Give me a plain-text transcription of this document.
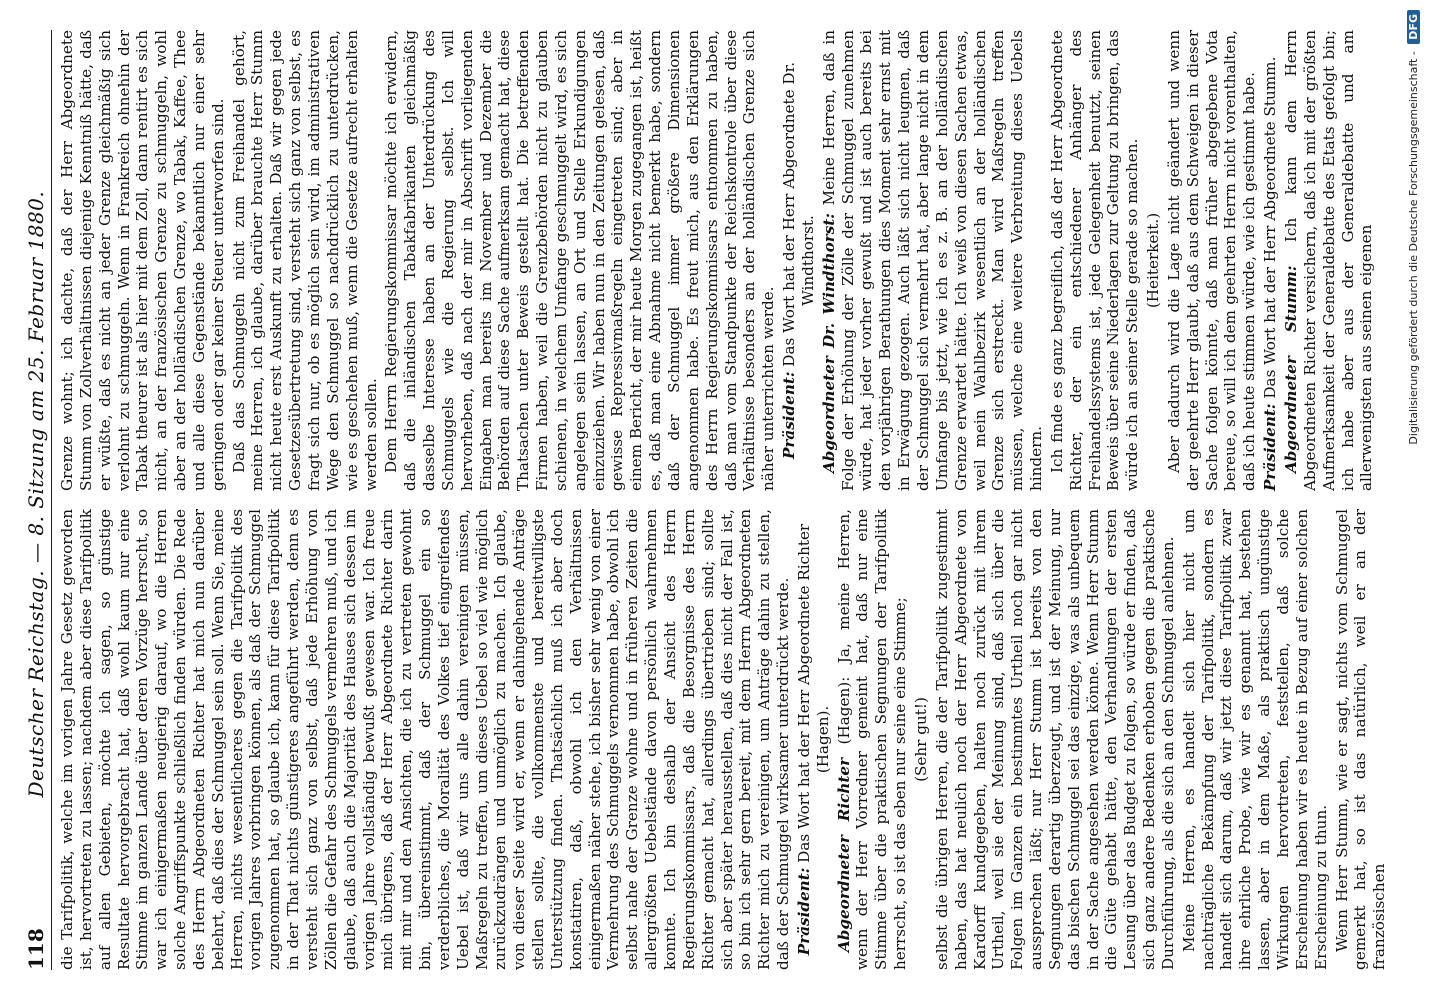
118
Deutscher Reichstag. — 8. Sitzung am 25. Februar 1880. die Tarifpolitik, welche im vorigen Jahre Gesetz geworden ist, hervortreten zu lassen; nachdem aber diese Tarifpolitik auf allen Gebieten, möchte ich sagen, so günstige Resultate hervorgebracht hat, daß wohl kaum nur eine Stimme im ganzen Lande über deren Vorzüge herrscht, so war ich einigermaßen neugierig darauf, wo die Herren solche Angriffspunkte schließlich finden würden. Die Rede des Herrn Abgeordneten Richter hat mich nun darüber belehrt, daß dies der Schmuggel sein soll. Wenn Sie, meine Herren, nichts wesentlicheres gegen die Tarifpolitik des vorigen Jahres vorbringen können, als daß der Schmuggel zugenommen hat, so glaube ich, kann für diese Tarifpolitik in der That nichts günstigeres angeführt werden, denn es versteht sich ganz von selbst, daß jede Erhöhung von Zöllen die Gefahr des Schmuggels vermehren muß, und ich glaube, daß auch die Majorität des Hauses sich dessen im vorigen Jahre vollständig bewußt gewesen war. Ich freue mich übrigens, daß der Herr Abgeordnete Richter darin mit mir und den Ansichten, die ich zu vertreten gewohnt bin, übereinstimmt, daß der Schmuggel ein so verderbliches, die Moralität des Volkes tief eingreifendes Uebel ist, daß wir uns alle dahin vereinigen müssen, Maßregeln zu treffen, um dieses Uebel so viel wie möglich zurückzudrängen und unmöglich zu machen. Ich glaube, von dieser Seite wird er, wenn er dahingehende Anträge stellen sollte, die vollkommenste und bereitwilligste Unterstützung finden. Thatsächlich muß ich aber doch konstatiren, daß, obwohl ich den Verhältnissen einigermaßen näher stehe, ich bisher sehr wenig von einer Vermehrung des Schmuggels vernommen habe, obwohl ich selbst nahe der Grenze wohne und in früheren Zeiten die allergrößten Uebelstände davon persönlich wahrnehmen konnte. Ich bin deshalb der Ansicht des Herrn Regierungskommissars, daß die Besorgnisse des Herrn Richter gemacht hat, allerdings übertrieben sind; sollte sich aber später herausstellen, daß dies nicht der Fall ist, so bin ich sehr gern bereit, mit dem Herrn Abgeordneten Richter mich zu vereinigen, um Anträge dahin zu stellen, daß der Schmuggel wirksamer unterdrückt werde. Präsident: Das Wort hat der Herr Abgeordnete Richter (Hagen).

Abgeordneter Richter (Hagen): Ja, meine Herren, wenn der Herr Vorredner gemeint hat, daß nur eine Stimme über die praktischen Segnungen der Tarifpolitik herrscht, so ist das eben nur seine eine Stimme; (Sehr gut!) selbst die übrigen Herren, die der Tarifpolitik zugestimmt haben, das hat neulich noch der Herr Abgeordnete von Kardorff kundgegeben, halten noch zurück mit ihrem Urtheil, weil sie der Meinung sind, daß sich über die Folgen im Ganzen ein bestimmtes Urtheil noch gar nicht aussprechen läßt; nur Herr Stumm ist bereits von den Segnungen derartig überzeugt, und ist der Meinung, nur das bischen Schmuggel sei das einzige, was als unbequem in der Sache angesehen werden könne. Wenn Herr Stumm die Güte gehabt hätte, den Verhandlungen der ersten Lesung über das Budget zu folgen, so würde er finden, daß sich ganz andere Bedenken erhoben gegen die praktische Durchführung, als die sich an den Schmuggel anlehnen. Meine Herren, es handelt sich hier nicht um nachträgliche Bekämpfung der Tarifpolitik, sondern es handelt sich darum, daß wir jetzt diese Tarifpolitik zwar ihre ehrliche Probe, wie wir es genannt hat, bestehen lassen, aber in dem Maße, als praktisch ungünstige Wirkungen hervortreten, feststellen, daß solche Erscheinung haben wir es heute in Bezug auf einer solchen Erscheinung zu thun. Wenn Herr Stumm, wie er sagt, nichts vom Schmuggel gemerkt hat, so ist das natürlich, weil er an der französischen

Grenze wohnt; ich dachte, daß der Herr Abgeordnete Stumm von Zollverhältnissen diejenige Kenntniß hätte, daß er wüßte, daß es nicht an jeder Grenze gleichmäßig sich verlohnt zu schmuggeln. Wenn in Frankreich ohnehin der Tabak theurer ist als hier mit dem Zoll, dann rentirt es sich nicht, an der französischen Grenze zu schmuggeln, wohl aber an der holländischen Grenze, wo Tabak, Kaffee, Thee und alle diese Gegenstände bekanntlich nur einer sehr geringen oder gar keiner Steuer unterworfen sind. Daß das Schmuggeln nicht zum Freihandel gehört, meine Herren, ich glaube, darüber brauchte Herr Stumm nicht heute erst Auskunft zu erhalten. Daß wir gegen jede Gesetzesübertretung sind, versteht sich ganz von selbst, es fragt sich nur, ob es möglich sein wird, im administrativen Wege den Schmuggel so nachdrücklich zu unterdrücken, wie es geschehen muß, wenn die Gesetze aufrecht erhalten werden sollen. Dem Herrn Regierungskommissar möchte ich erwidern, daß die inländischen Tabakfabrikanten gleichmäßig dasselbe Interesse haben an der Unterdrückung des Schmuggels wie die Regierung selbst. Ich will hervorheben, daß nach der mir in Abschrift vorliegenden Eingaben man bereits im November und Dezember die Behörden auf diese Sache aufmerksam gemacht hat, diese Thatsachen unter Beweis gestellt hat. Die betreffenden Firmen haben, weil die Grenzbehörden nicht zu glauben schienen, in welchem Umfange geschmuggelt wird, es sich angelegen sein lassen, an Ort und Stelle Erkundigungen einzuziehen. Wir haben nun in den Zeitungen gelesen, daß gewisse Repressivmaßregeln eingetreten sind; aber in einem Bericht, der mir heute Morgen zugegangen ist, heißt es, daß man eine Abnahme nicht bemerkt habe, sondern daß der Schmuggel immer größere Dimensionen angenommen habe. Es freut mich, aus den Erklärungen des Herrn Regierungskommissars entnommen zu haben, daß man vom Standpunkte der Reichskontrole über diese Verhältnisse besonders an der holländischen Grenze sich näher unterrichten werde. Präsident: Das Wort hat der Herr Abgeordnete Dr. Windthorst. Abgeordneter Dr. Windthorst: Meine Herren, daß in Folge der Erhöhung der Zölle der Schmuggel zunehmen würde, hat jeder vorher gewußt und ist auch bereits bei den vorjährigen Berathungen dies Moment sehr ernst mit in Erwägung gezogen. Auch läßt sich nicht leugnen, daß der Schmuggel sich vermehrt hat, aber lange nicht in dem Umfange bis jetzt, wie ich es z. B. an der holländischen Grenze erwartet hätte. Ich weiß von diesen Sachen etwas, weil mein Wahlbezirk wesentlich an der holländischen Grenze sich erstreckt. Man wird Maßregeln treffen müssen, welche eine weitere Verbreitung dieses Uebels hindern. Ich finde es ganz begreiflich, daß der Herr Abgeordnete Richter, der ein entschiedener Anhänger des Freihandelssystems ist, jede Gelegenheit benutzt, seinen Beweis über seine Niederlagen zur Geltung zu bringen, das würde ich an seiner Stelle gerade so machen. (Heiterkeit.) Aber dadurch wird die Lage nicht geändert und wenn der geehrte Herr glaubt, daß aus dem Schweigen in dieser Sache folgen könnte, daß man früher abgegebene Vota bereue, so will ich dem geehrten Herrn nicht vorenthalten, daß ich heute stimmen würde, wie ich gestimmt habe. Präsident: Das Wort hat der Herr Abgeordnete Stumm. Abgeordneter Stumm: Ich kann dem Herrn Abgeordneten Richter versichern, daß ich mit der größten Aufmerksamkeit der Generaldebatte des Etats gefolgt bin; ich habe aber aus der Generaldebatte und am allerwenigsten aus seinen eigenen	Digitalisierung gefördert durch die Deutsche Forschungsgemeinschaft - DFG
